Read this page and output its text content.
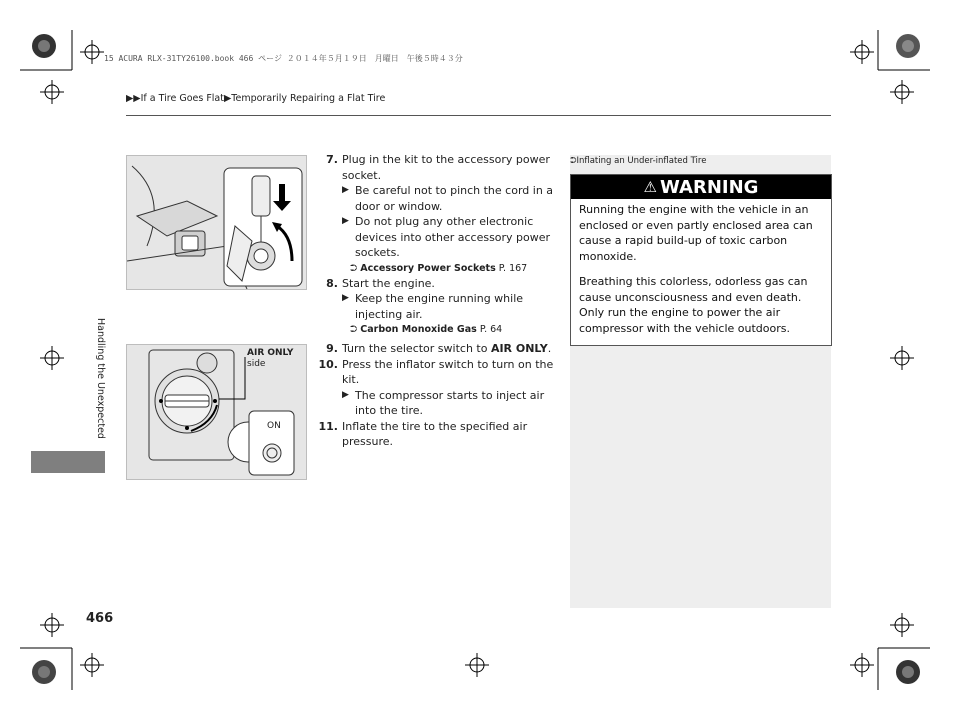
15 ACURA RLX-31TY26100.book 466 ページ ２０１４年５月１９日　月曜日　午後５時４３分
▶▶If a Tire Goes Flat▶Temporarily Repairing a Flat Tire
AIR ONLY
side
ON
7. Plug in the kit to the accessory power socket.
▶ Be careful not to pinch the cord in a door or window.
▶ Do not plug any other electronic devices into other accessory power sockets.
⮊ Accessory Power Sockets P. 167
8. Start the engine.
▶ Keep the engine running while injecting air.
⮊ Carbon Monoxide Gas P. 64
9. Turn the selector switch to AIR ONLY.
10. Press the inflator switch to turn on the kit.
▶ The compressor starts to inject air into the tire.
11. Inflate the tire to the specified air pressure.
⮊Inflating an Under-inflated Tire
⚠ WARNING

Running the engine with the vehicle in an enclosed or even partly enclosed area can cause a rapid build-up of toxic carbon monoxide.

Breathing this colorless, odorless gas can cause unconsciousness and even death. Only run the engine to power the air compressor with the vehicle outdoors.

Handling the Unexpected
466
